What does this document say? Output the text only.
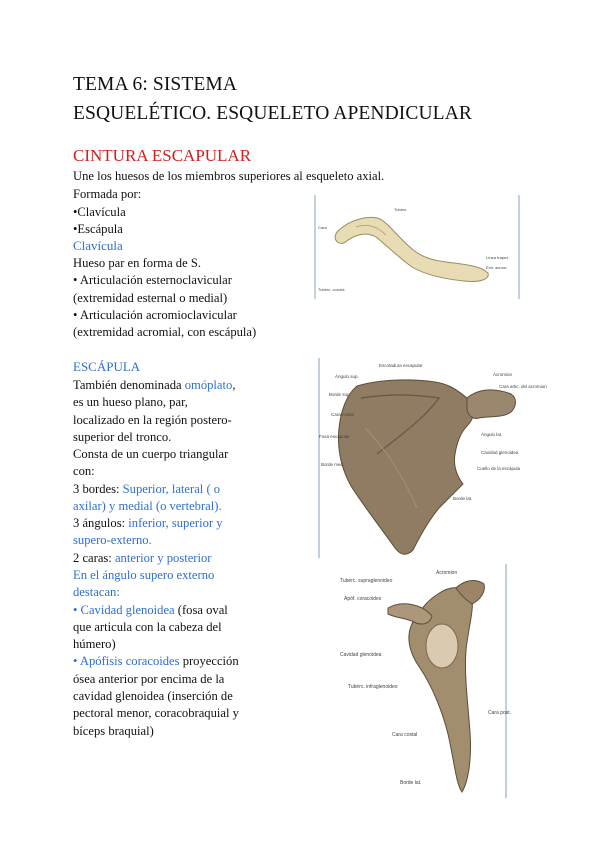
TEMA 6: SISTEMA
ESQUELÉTICO. ESQUELETO APENDICULAR
CINTURA ESCAPULAR
Une los huesos de los miembros superiores al esqueleto axial.
Formada por:
•Clavícula
•Escápula
Clavícula
Hueso par en forma de S.
• Articulación esternoclavicular
(extremidad esternal o medial)
• Articulación acromioclavicular
(extremidad acromial, con escápula)
ESCÁPULA
También denominada omóplato,
es un hueso plano, par,
localizado en la región postero-
superior del tronco.
Consta de un cuerpo triangular
con:
3 bordes: Superior, lateral ( o
axilar) y medial (o vertebral).
3 ángulos: inferior, superior y
supero-externo.
2 caras: anterior y posterior
En el ángulo supero externo
destacan:
• Cavidad glenoidea (fosa oval
que articula con la cabeza del
húmero)
• Apófisis coracoides proyección
ósea anterior por encima de la
cavidad glenoidea (inserción de
pectoral menor, coracobraquial y
bíceps braquial)
Tubérc.
Cara
Línea trapez.
Extr. acrom.
Tubérc. conoid.
Escotadura escapular
Ángulo sup.
Borde sup.
Cara costal
Fosa escapular
Borde med.
Acromion
Cara artic. del acromion
Ángulo lat.
Cavidad glenoidea
Cuello de la escápula
Borde lat.
Tubérc. supraglenoideo
Acromion
Apóf. coracoides
Cavidad glenoidea
Tubérc. infraglenoideo
Cara post.
Cara costal
Borde lat.
